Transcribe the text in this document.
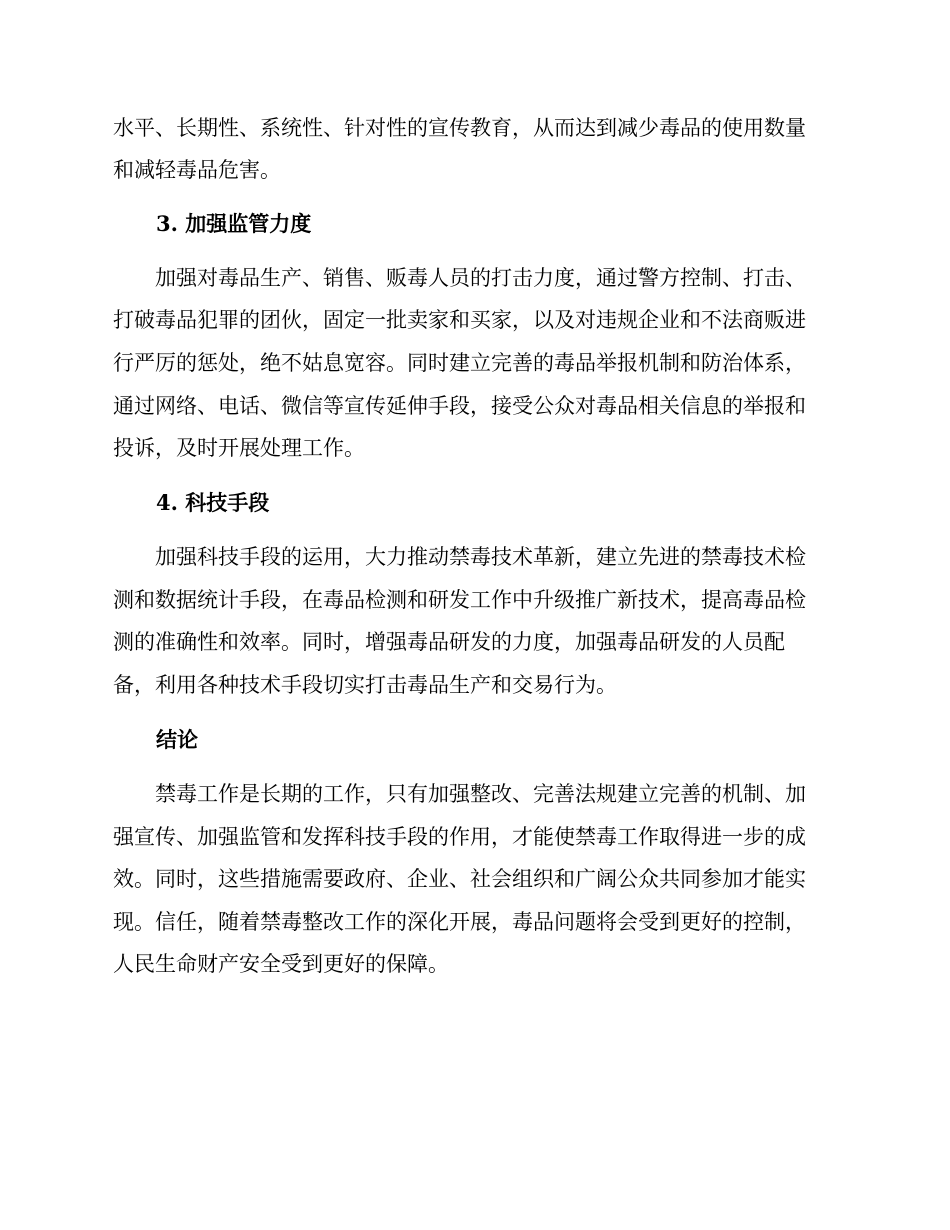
水平、长期性、系统性、针对性的宣传教育，从而达到减少毒品的使用数量
和减轻毒品危害。
3. 加强监管力度
　　加强对毒品生产、销售、贩毒人员的打击力度，通过警方控制、打击、
打破毒品犯罪的团伙，固定一批卖家和买家，以及对违规企业和不法商贩进
行严厉的惩处，绝不姑息宽容。同时建立完善的毒品举报机制和防治体系，
通过网络、电话、微信等宣传延伸手段，接受公众对毒品相关信息的举报和
投诉，及时开展处理工作。
4. 科技手段
　　加强科技手段的运用，大力推动禁毒技术革新，建立先进的禁毒技术检
测和数据统计手段，在毒品检测和研发工作中升级推广新技术，提高毒品检
测的准确性和效率。同时，增强毒品研发的力度，加强毒品研发的人员配
备，利用各种技术手段切实打击毒品生产和交易行为。
结论
　　禁毒工作是长期的工作，只有加强整改、完善法规建立完善的机制、加
强宣传、加强监管和发挥科技手段的作用，才能使禁毒工作取得进一步的成
效。同时，这些措施需要政府、企业、社会组织和广阔公众共同参加才能实
现。信任，随着禁毒整改工作的深化开展，毒品问题将会受到更好的控制，
人民生命财产安全受到更好的保障。
